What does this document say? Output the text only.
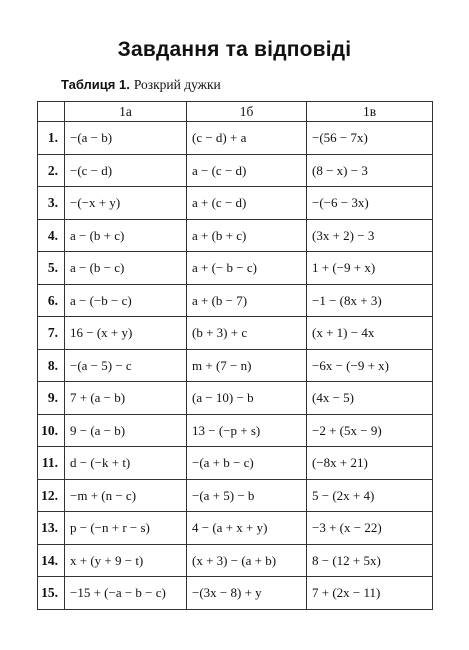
Завдання та відповіді
Таблиця 1. Розкрий дужки
	1а	1б	1в
1.	−(a − b)	(c − d) + a	−(56 − 7x)
2.	−(c − d)	a − (c − d)	(8 − x) − 3
3.	−(−x + y)	a + (c − d)	−(−6 − 3x)
4.	a − (b + c)	a + (b + c)	(3x + 2) − 3
5.	a − (b − c)	a + (− b − c)	1 + (−9 + x)
6.	a − (−b − c)	a + (b − 7)	−1 − (8x + 3)
7.	16 − (x + y)	(b + 3) + c	(x + 1) − 4x
8.	−(a − 5) − c	m + (7 − n)	−6x − (−9 + x)
9.	7 + (a − b)	(a − 10) − b	(4x − 5)
10.	9 − (a − b)	13 − (−p + s)	−2 + (5x − 9)
11.	d − (−k + t)	−(a + b − c)	(−8x + 21)
12.	−m + (n − c)	−(a + 5) − b	5 − (2x + 4)
13.	p − (−n + r − s)	4 − (a + x + y)	−3 + (x − 22)
14.	x + (y + 9 − t)	(x + 3) − (a + b)	8 − (12 + 5x)
15.	−15 + (−a − b − c)	−(3x − 8) + y	7 + (2x − 11)
